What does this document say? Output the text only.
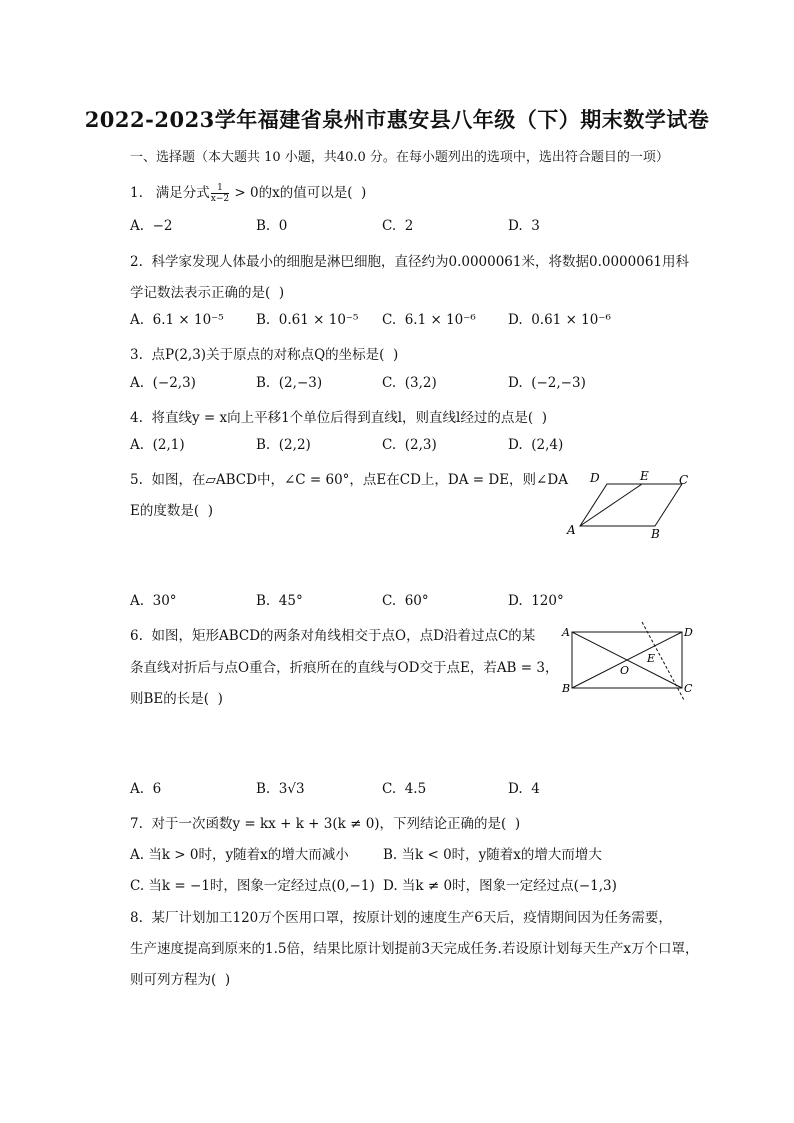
2022-2023学年福建省泉州市惠安县八年级（下）期末数学试卷
一、选择题（本大题共 10 小题，共40.0 分。在每小题列出的选项中，选出符合题目的一项）
1. 满足分式 $\frac{1}{x-2} > 0$的x的值可以是(  )
A.  −2	B.  0	C.  2	D.  3
2. 科学家发现人体最小的细胞是淋巴细胞，直径约为0.0000061米，将数据0.0000061用科
学记数法表示正确的是(  )
A.  6.1 × 10⁻⁵ B.  0.61 × 10⁻⁵ C.  6.1 × 10⁻⁶ D.  0.61 × 10⁻⁶
3. 点P(2,3)关于原点的对称点Q的坐标是(  )
A.  (−2,3)	B.  (2,−3)	C.  (3,2)	D.  (−2,−3)
4. 将直线y = x向上平移1个单位后得到直线l，则直线l经过的点是(  )
A.  (2,1)	B.  (2,2)	C.  (2,3)	D.  (2,4)
5. 如图，在▱ABCD中，∠C = 60°，点E在CD上，DA = DE，则∠DA
E的度数是(  )
D	E	C
A	B
A.  30°	B.  45°	C.  60°	D.  120°
6. 如图，矩形ABCD的两条对角线相交于点O，点D沿着过点C的某
条直线对折后与点O重合，折痕所在的直线与OD交于点E，若AB = 3，
则BE的长是(  )
A	D
B	C
O
E
A.  6	B.  3√3	C.  4.5	D.  4
7. 对于一次函数y = kx + k + 3(k ≠ 0)，下列结论正确的是(  )
A. 当k > 0时，y随着x的增大而减小	B. 当k < 0时，y随着x的增大而增大
C. 当k = −1时，图象一定经过点(0,−1) D. 当k ≠ 0时，图象一定经过点(−1,3)
8. 某厂计划加工120万个医用口罩，按原计划的速度生产6天后，疫情期间因为任务需要，
生产速度提高到原来的1.5倍，结果比原计划提前3天完成任务.若设原计划每天生产x万个口罩，
则可列方程为(  )
